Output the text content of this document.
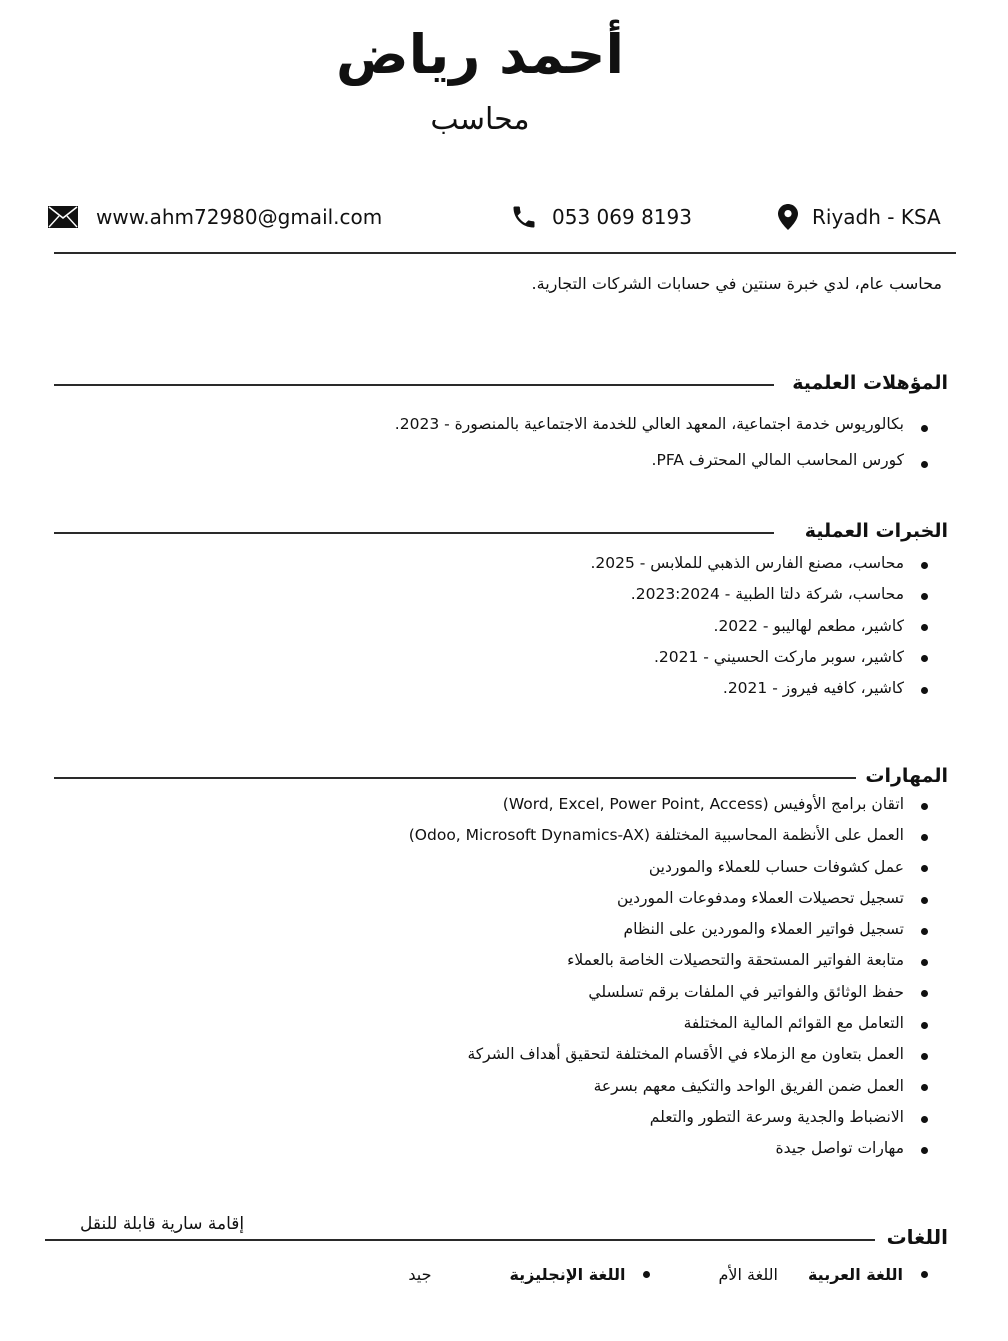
أحمد رياض
محاسب
www.ahm72980@gmail.com	053 069 8193	Riyadh - KSA
محاسب عام، لدي خبرة سنتين في حسابات الشركات التجارية.
المؤهلات العلمية
بكالوريوس خدمة اجتماعية، المعهد العالي للخدمة الاجتماعية بالمنصورة - 2023.
كورس المحاسب المالي المحترف PFA.
الخبرات العملية
محاسب، مصنع الفارس الذهبي للملابس - 2025.
محاسب، شركة دلتا الطبية - 2023:2024.
كاشير، مطعم لهاليبو - 2022.
كاشير، سوبر ماركت الحسيني - 2021.
كاشير، كافيه فيروز - 2021.
المهارات
اتقان برامج الأوفيس (Word, Excel, Power Point, Access)
العمل على الأنظمة المحاسبية المختلفة (Odoo, Microsoft Dynamics-AX)
عمل كشوفات حساب للعملاء والموردين
تسجيل تحصيلات العملاء ومدفوعات الموردين
تسجيل فواتير العملاء والموردين على النظام
متابعة الفواتير المستحقة والتحصيلات الخاصة بالعملاء
حفظ الوثائق والفواتير في الملفات برقم تسلسلي
التعامل مع القوائم المالية المختلفة
العمل بتعاون مع الزملاء في الأقسام المختلفة لتحقيق أهداف الشركة
العمل ضمن الفريق الواحد والتكيف معهم بسرعة
الانضباط والجدية وسرعة التطور والتعلم
مهارات تواصل جيدة
إقامة سارية قابلة للنقل
اللغات
اللغة العربية
اللغة الأم
اللغة الإنجليزية
جيد
